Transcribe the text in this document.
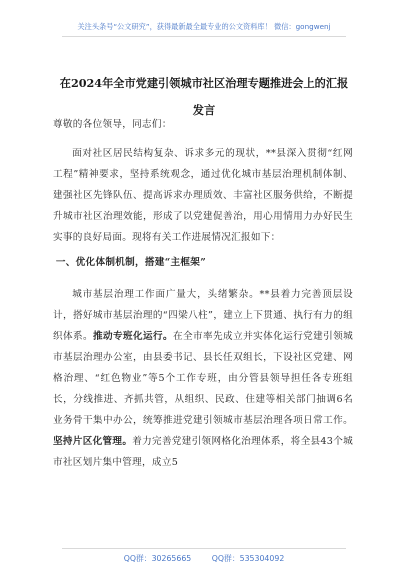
关注头条号“公文研究”，获得最新最全最专业的公文资料库！ 微信：gongwenj
在2024年全市党建引领城市社区治理专题推进会上的汇报
发言

尊敬的各位领导，同志们：

面对社区居民结构复杂、诉求多元的现状，**县深入贯彻“红网工程”精神要求，坚持系统观念，通过优化城市基层治理机制体制、建强社区先锋队伍、提高诉求办理质效、丰富社区服务供给，不断提升城市社区治理效能，形成了以党建促善治，用心用情用力办好民生实事的良好局面。现将有关工作进展情况汇报如下：

一、优化体制机制，搭建“主框架”

城市基层治理工作面广量大，头绪繁杂。**县着力完善顶层设计，搭好城市基层治理的“四梁八柱”，建立上下贯通、执行有力的组织体系。推动专班化运行。在全市率先成立并实体化运行党建引领城市基层治理办公室，由县委书记、县长任双组长，下设社区党建、网格治理、“红色物业”等5个工作专班，由分管县领导担任各专班组长，分线推进、齐抓共管，从组织、民政、住建等相关部门抽调6名业务骨干集中办公，统筹推进党建引领城市基层治理各项日常工作。坚持片区化管理。着力完善党建引领网格化治理体系，将全县43个城市社区划片集中管理，成立5

QQ群：30265665	QQ群：535304092
